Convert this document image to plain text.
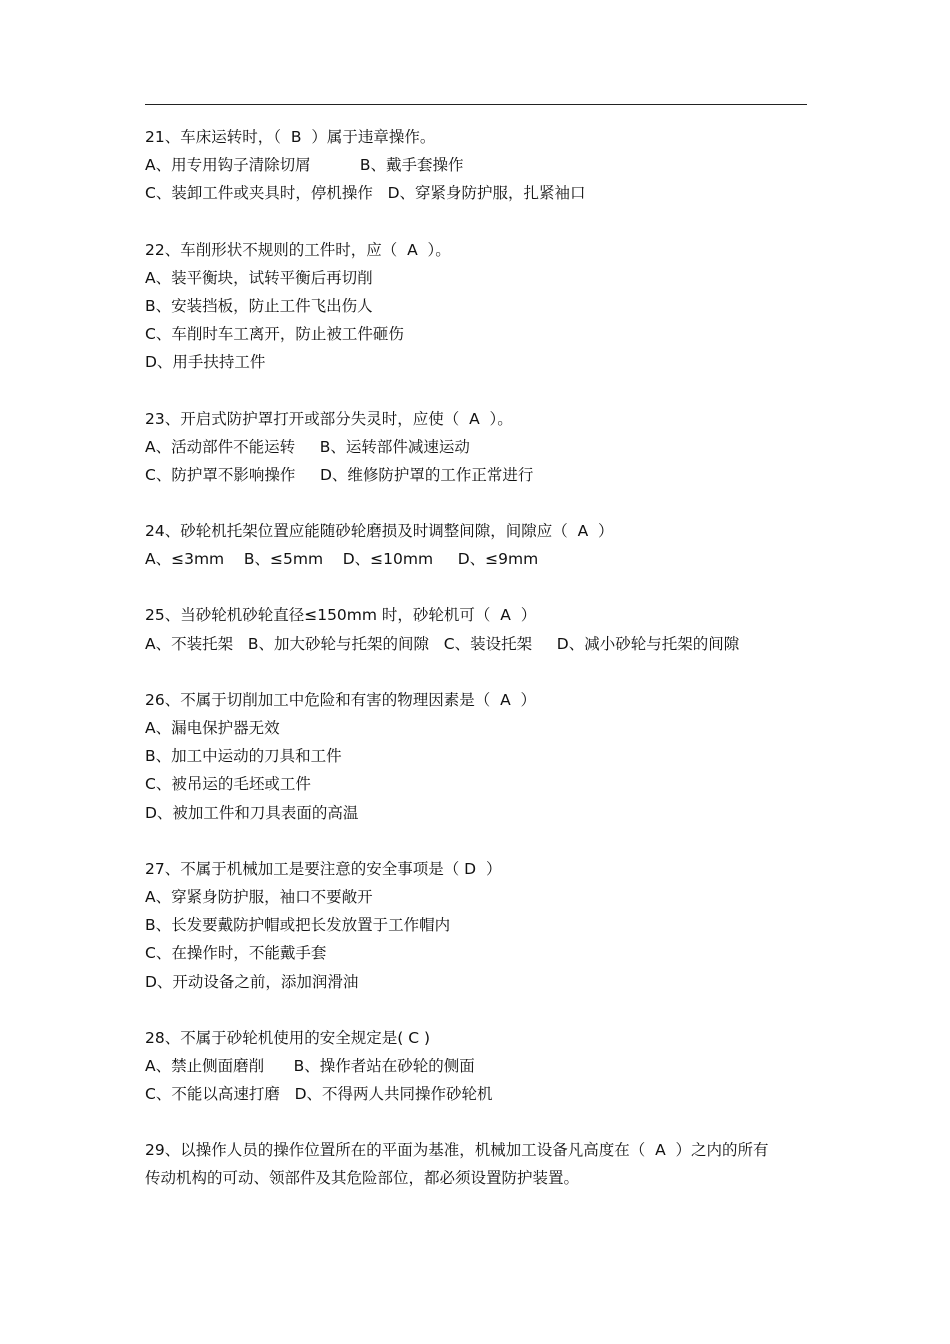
21、车床运转时，（  B  ）属于违章操作。
A、用专用钩子清除切屑          B、戴手套操作
C、装卸工件或夹具时，停机操作   D、穿紧身防护服，扎紧袖口
22、车削形状不规则的工件时，应（  A  ）。
A、装平衡块，试转平衡后再切削
B、安装挡板，防止工件飞出伤人
C、车削时车工离开，防止被工件砸伤
D、用手扶持工件
23、开启式防护罩打开或部分失灵时，应使（  A  ）。
A、活动部件不能运转     B、运转部件减速运动
C、防护罩不影响操作     D、维修防护罩的工作正常进行
24、砂轮机托架位置应能随砂轮磨损及时调整间隙，间隙应（  A  ）
A、≤3mm    B、≤5mm    D、≤10mm     D、≤9mm
25、当砂轮机砂轮直径≤150mm 时，砂轮机可（  A  ）
A、不装托架   B、加大砂轮与托架的间隙   C、装设托架     D、减小砂轮与托架的间隙
26、不属于切削加工中危险和有害的物理因素是（  A  ）
A、漏电保护器无效
B、加工中运动的刀具和工件
C、被吊运的毛坯或工件
D、被加工件和刀具表面的高温
27、不属于机械加工是要注意的安全事项是（ D  ）
A、穿紧身防护服，袖口不要敞开
B、长发要戴防护帽或把长发放置于工作帽内
C、在操作时，不能戴手套
D、开动设备之前，添加润滑油
28、不属于砂轮机使用的安全规定是( C )
A、禁止侧面磨削      B、操作者站在砂轮的侧面
C、不能以高速打磨   D、不得两人共同操作砂轮机
29、以操作人员的操作位置所在的平面为基准，机械加工设备凡高度在（  A  ）之内的所有
传动机构的可动、领部件及其危险部位，都必须设置防护装置。
